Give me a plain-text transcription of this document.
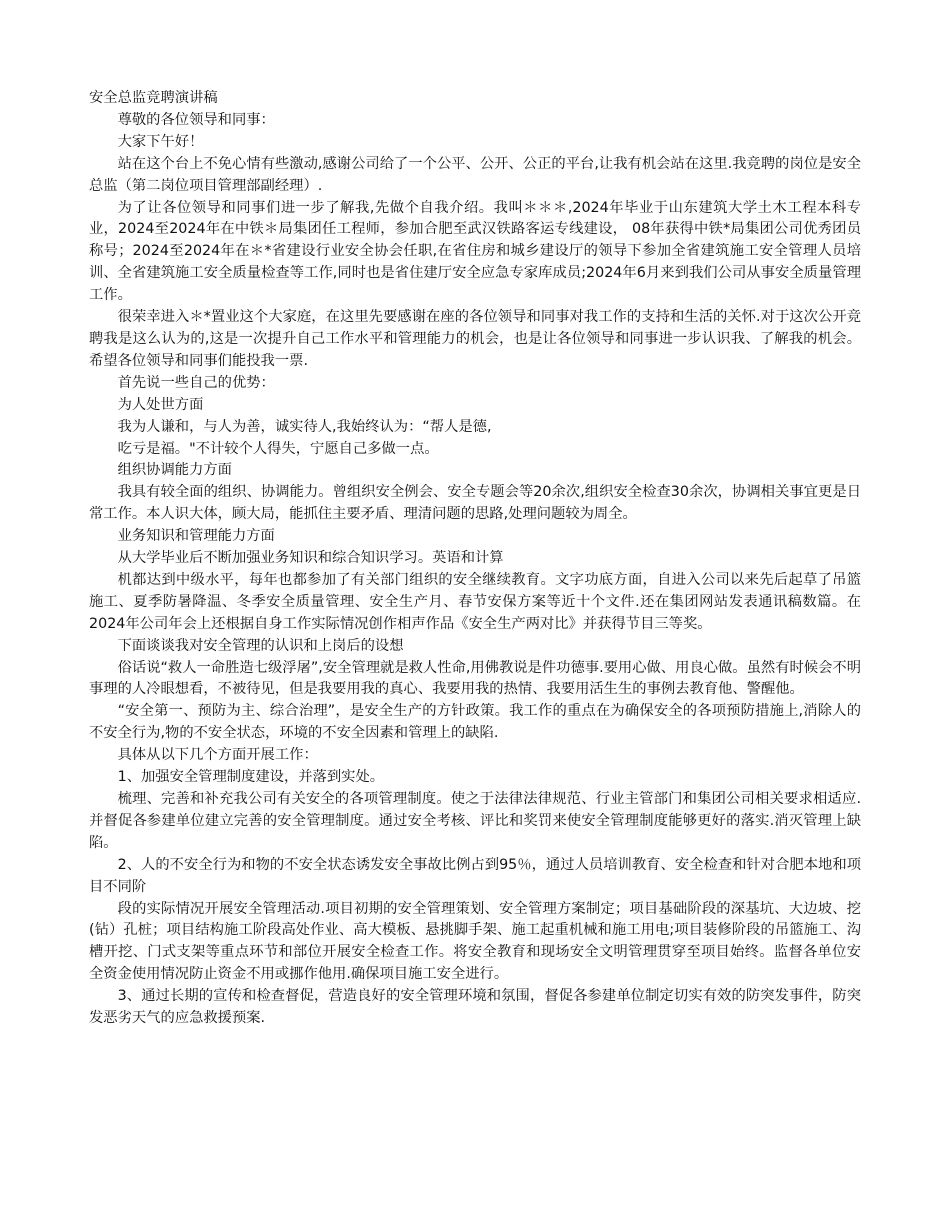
安全总监竞聘演讲稿

尊敬的各位领导和同事：

大家下午好！

站在这个台上不免心情有些激动,感谢公司给了一个公平、公开、公正的平台,让我有机会站在这里.我竞聘的岗位是安全总监（第二岗位项目管理部副经理）.

为了让各位领导和同事们进一步了解我,先做个自我介绍。我叫＊＊＊,2024年毕业于山东建筑大学土木工程本科专业，2024至2024年在中铁＊局集团任工程师，参加合肥至武汉铁路客运专线建设， 08年获得中铁*局集团公司优秀团员称号；2024至2024年在＊*省建设行业安全协会任职,在省住房和城乡建设厅的领导下参加全省建筑施工安全管理人员培训、全省建筑施工安全质量检查等工作,同时也是省住建厅安全应急专家库成员;2024年6月来到我们公司从事安全质量管理工作。

很荣幸进入＊*置业这个大家庭，在这里先要感谢在座的各位领导和同事对我工作的支持和生活的关怀.对于这次公开竞聘我是这么认为的,这是一次提升自己工作水平和管理能力的机会，也是让各位领导和同事进一步认识我、了解我的机会。希望各位领导和同事们能投我一票.

首先说一些自己的优势：

为人处世方面

我为人谦和，与人为善，诚实待人,我始终认为：“帮人是德,

吃亏是福。"不计较个人得失，宁愿自己多做一点。

组织协调能力方面

我具有较全面的组织、协调能力。曾组织安全例会、安全专题会等20余次,组织安全检查30余次，协调相关事宜更是日常工作。本人识大体，顾大局，能抓住主要矛盾、理清问题的思路,处理问题较为周全。

业务知识和管理能力方面

从大学毕业后不断加强业务知识和综合知识学习。英语和计算

机都达到中级水平，每年也都参加了有关部门组织的安全继续教育。文字功底方面，自进入公司以来先后起草了吊篮施工、夏季防暑降温、冬季安全质量管理、安全生产月、春节安保方案等近十个文件.还在集团网站发表通讯稿数篇。在2024年公司年会上还根据自身工作实际情况创作相声作品《安全生产两对比》并获得节目三等奖。

下面谈谈我对安全管理的认识和上岗后的设想

俗话说“救人一命胜造七级浮屠”,安全管理就是救人性命,用佛教说是件功德事.要用心做、用良心做。虽然有时候会不明事理的人冷眼想看，不被待见，但是我要用我的真心、我要用我的热情、我要用活生生的事例去教育他、警醒他。

“安全第一、预防为主、综合治理”，是安全生产的方针政策。我工作的重点在为确保安全的各项预防措施上,消除人的不安全行为,物的不安全状态，环境的不安全因素和管理上的缺陷.

具体从以下几个方面开展工作：

1、加强安全管理制度建设，并落到实处。

梳理、完善和补充我公司有关安全的各项管理制度。使之于法律法律规范、行业主管部门和集团公司相关要求相适应.并督促各参建单位建立完善的安全管理制度。通过安全考核、评比和奖罚来使安全管理制度能够更好的落实.消灭管理上缺陷。

2、人的不安全行为和物的不安全状态诱发安全事故比例占到95％，通过人员培训教育、安全检查和针对合肥本地和项目不同阶

段的实际情况开展安全管理活动.项目初期的安全管理策划、安全管理方案制定；项目基础阶段的深基坑、大边坡、挖(钻）孔桩；项目结构施工阶段高处作业、高大模板、悬挑脚手架、施工起重机械和施工用电;项目装修阶段的吊篮施工、沟槽开挖、门式支架等重点环节和部位开展安全检查工作。将安全教育和现场安全文明管理贯穿至项目始终。监督各单位安全资金使用情况防止资金不用或挪作他用.确保项目施工安全进行。

3、通过长期的宣传和检查督促，营造良好的安全管理环境和氛围，督促各参建单位制定切实有效的防突发事件，防突发恶劣天气的应急救援预案.
